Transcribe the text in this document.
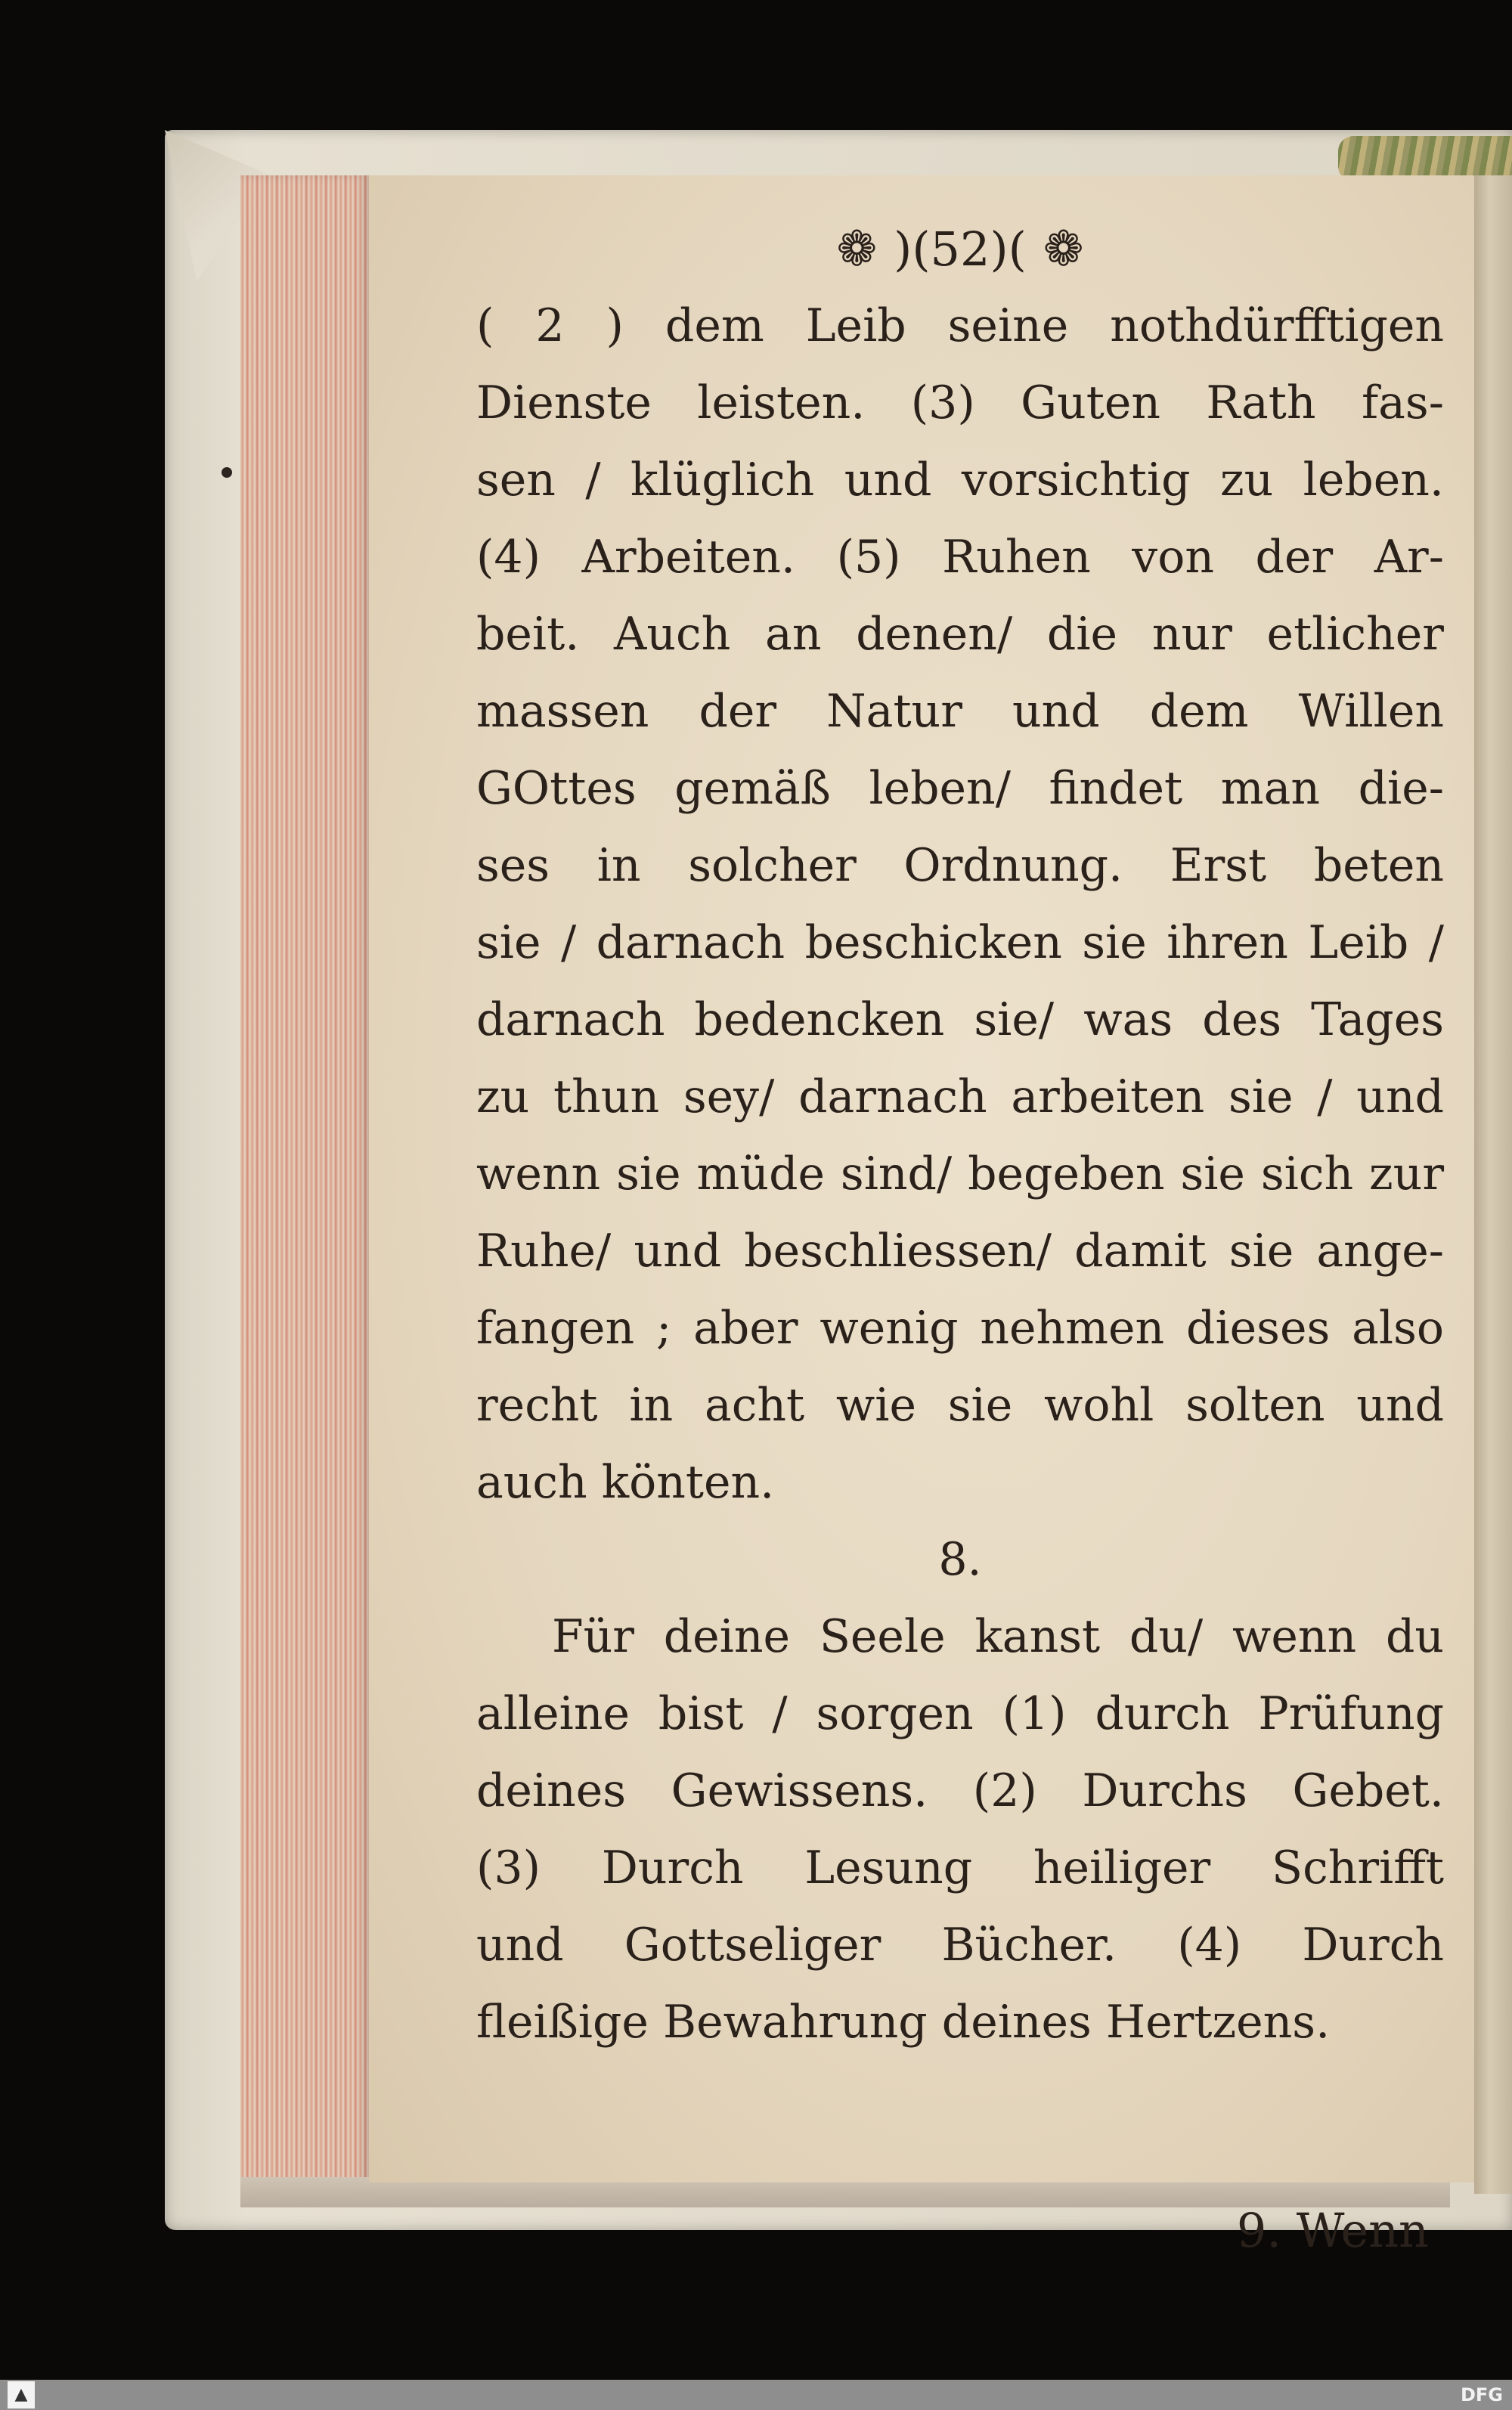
❁ )(52)( ❁
( 2 ) dem Leib seine nothdürfftigen
Dienste leisten. (3) Guten Rath fas-
sen / klüglich und vorsichtig zu leben.
(4) Arbeiten. (5) Ruhen von der Ar-
beit. Auch an denen/ die nur etlicher
massen der Natur und dem Willen
GOttes gemäß leben/ findet man die-
ses in solcher Ordnung. Erst beten
sie / darnach beschicken sie ihren Leib /
darnach bedencken sie/ was des Tages
zu thun sey/ darnach arbeiten sie / und
wenn sie müde sind/ begeben sie sich zur
Ruhe/ und beschliessen/ damit sie ange-
fangen ; aber wenig nehmen dieses also
recht in acht wie sie wohl solten und
auch könten.
8.
Für deine Seele kanst du/ wenn du
alleine bist / sorgen (1) durch Prüfung
deines Gewissens. (2) Durchs Gebet.
(3) Durch Lesung heiliger Schrifft
und Gottseliger Bücher. (4) Durch
fleißige Bewahrung deines Hertzens.
9. Wenn
▲	DFG
